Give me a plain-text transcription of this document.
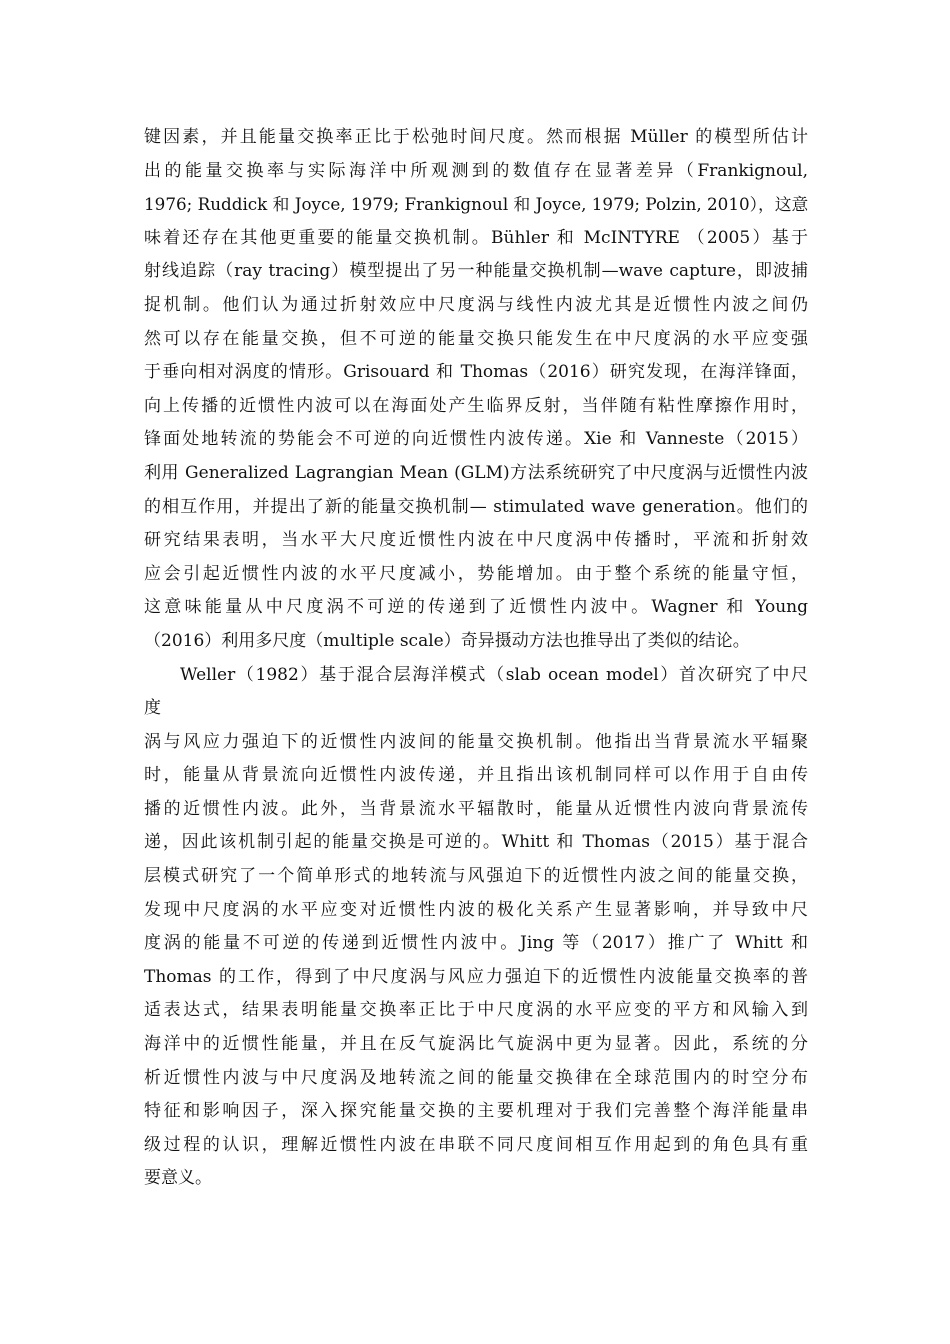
键因素，并且能量交换率正比于松弛时间尺度。然而根据 Müller 的模型所估计
出的能量交换率与实际海洋中所观测到的数值存在显著差异（Frankignoul,
1976; Ruddick 和 Joyce, 1979; Frankignoul 和 Joyce, 1979; Polzin, 2010），这意
味着还存在其他更重要的能量交换机制。Bühler 和 McINTYRE （2005）基于
射线追踪（ray tracing）模型提出了另一种能量交换机制—wave capture，即波捕
捉机制。他们认为通过折射效应中尺度涡与线性内波尤其是近惯性内波之间仍
然可以存在能量交换，但不可逆的能量交换只能发生在中尺度涡的水平应变强
于垂向相对涡度的情形。Grisouard 和 Thomas（2016）研究发现，在海洋锋面，
向上传播的近惯性内波可以在海面处产生临界反射，当伴随有粘性摩擦作用时，
锋面处地转流的势能会不可逆的向近惯性内波传递。Xie 和 Vanneste（2015）
利用 Generalized Lagrangian Mean (GLM)方法系统研究了中尺度涡与近惯性内波
的相互作用，并提出了新的能量交换机制— stimulated wave generation。他们的
研究结果表明，当水平大尺度近惯性内波在中尺度涡中传播时，平流和折射效
应会引起近惯性内波的水平尺度减小，势能增加。由于整个系统的能量守恒，
这意味能量从中尺度涡不可逆的传递到了近惯性内波中。Wagner 和 Young
（2016）利用多尺度（multiple scale）奇异摄动方法也推导出了类似的结论。
Weller（1982）基于混合层海洋模式（slab ocean model）首次研究了中尺
度
涡与风应力强迫下的近惯性内波间的能量交换机制。他指出当背景流水平辐聚
时，能量从背景流向近惯性内波传递，并且指出该机制同样可以作用于自由传
播的近惯性内波。此外，当背景流水平辐散时，能量从近惯性内波向背景流传
递，因此该机制引起的能量交换是可逆的。Whitt 和 Thomas（2015）基于混合
层模式研究了一个简单形式的地转流与风强迫下的近惯性内波之间的能量交换，
发现中尺度涡的水平应变对近惯性内波的极化关系产生显著影响，并导致中尺
度涡的能量不可逆的传递到近惯性内波中。Jing 等（2017）推广了 Whitt 和
Thomas 的工作，得到了中尺度涡与风应力强迫下的近惯性内波能量交换率的普
适表达式，结果表明能量交换率正比于中尺度涡的水平应变的平方和风输入到
海洋中的近惯性能量，并且在反气旋涡比气旋涡中更为显著。因此，系统的分
析近惯性内波与中尺度涡及地转流之间的能量交换律在全球范围内的时空分布
特征和影响因子，深入探究能量交换的主要机理对于我们完善整个海洋能量串
级过程的认识，理解近惯性内波在串联不同尺度间相互作用起到的角色具有重
要意义。
